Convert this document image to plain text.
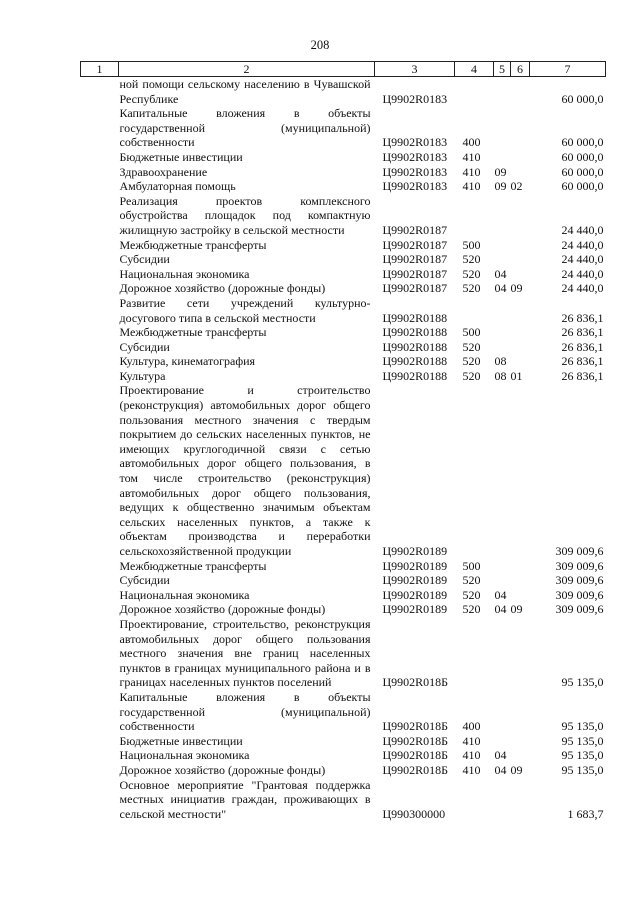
208
1	2	3	4	5	6	7
	ной помощи сельскому населению в Чувашской Республике	Ц9902R0183				60 000,0
	Капитальные вложения в объекты государственной (муниципальной) собственности	Ц9902R0183	400			60 000,0
	Бюджетные инвестиции	Ц9902R0183	410			60 000,0
	Здравоохранение	Ц9902R0183	410	09		60 000,0
	Амбулаторная помощь	Ц9902R0183	410	09	02	60 000,0
	Реализация проектов комплексного обустройства площадок под компактную жилищную застройку в сельской местности	Ц9902R0187				24 440,0
	Межбюджетные трансферты	Ц9902R0187	500			24 440,0
	Субсидии	Ц9902R0187	520			24 440,0
	Национальная экономика	Ц9902R0187	520	04		24 440,0
	Дорожное хозяйство (дорожные фонды)	Ц9902R0187	520	04	09	24 440,0
	Развитие сети учреждений культурно-досугового типа в сельской местности	Ц9902R0188				26 836,1
	Межбюджетные трансферты	Ц9902R0188	500			26 836,1
	Субсидии	Ц9902R0188	520			26 836,1
	Культура, кинематография	Ц9902R0188	520	08		26 836,1
	Культура	Ц9902R0188	520	08	01	26 836,1
	Проектирование и строительство (реконструкция) автомобильных дорог общего пользования местного значения с твердым покрытием до сельских населенных пунктов, не имеющих круглогодичной связи с сетью автомобильных дорог общего пользования, в том числе строительство (реконструкция) автомобильных дорог общего пользования, ведущих к общественно значимым объектам сельских населенных пунктов, а также к объектам производства и переработки сельскохозяйственной продукции	Ц9902R0189				309 009,6
	Межбюджетные трансферты	Ц9902R0189	500			309 009,6
	Субсидии	Ц9902R0189	520			309 009,6
	Национальная экономика	Ц9902R0189	520	04		309 009,6
	Дорожное хозяйство (дорожные фонды)	Ц9902R0189	520	04	09	309 009,6
	Проектирование, строительство, реконструкция автомобильных дорог общего пользования местного значения вне границ населенных пунктов в границах муниципального района и в границах населенных пунктов поселений	Ц9902R018Б				95 135,0
	Капитальные вложения в объекты государственной (муниципальной) собственности	Ц9902R018Б	400			95 135,0
	Бюджетные инвестиции	Ц9902R018Б	410			95 135,0
	Национальная экономика	Ц9902R018Б	410	04		95 135,0
	Дорожное хозяйство (дорожные фонды)	Ц9902R018Б	410	04	09	95 135,0
	Основное мероприятие "Грантовая поддержка местных инициатив граждан, проживающих в сельской местности"	Ц990300000				1 683,7
